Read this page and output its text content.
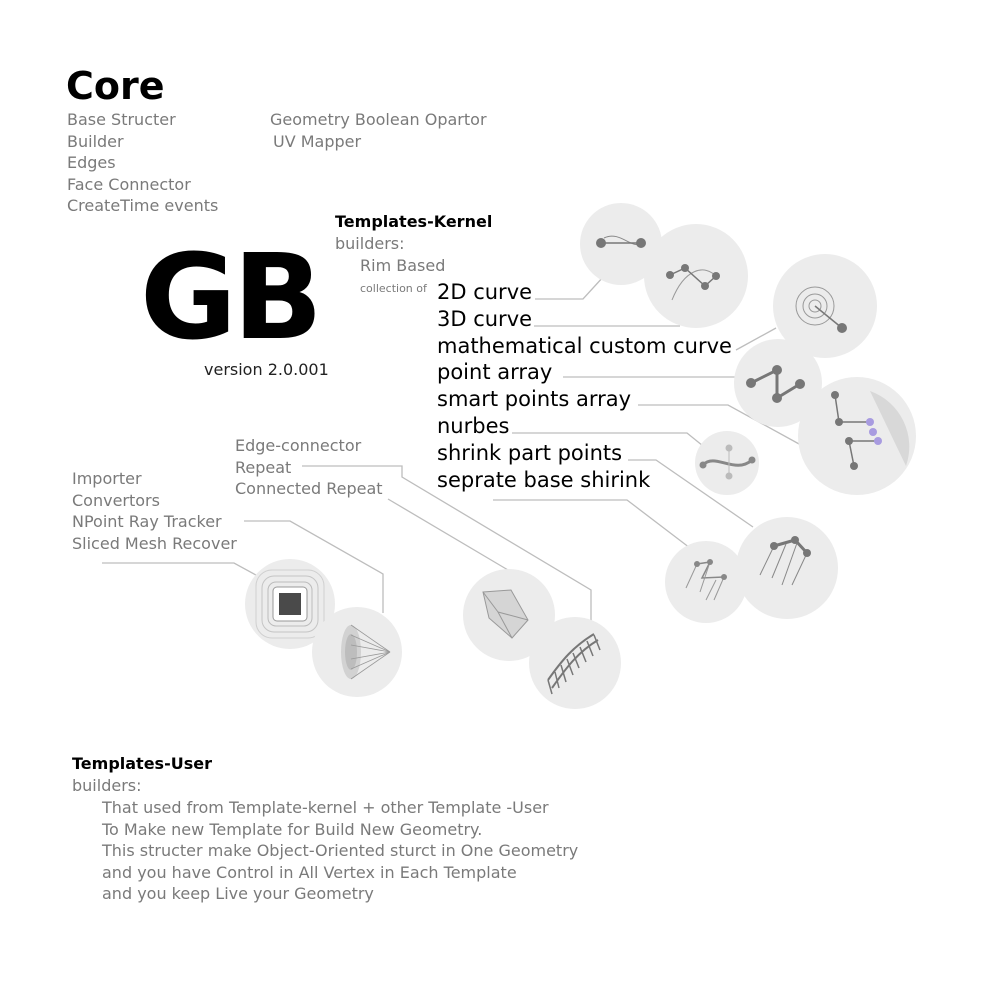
Core
Base Structer
Builder
Edges
Face Connector
CreateTime events
Geometry Boolean Opartor
UV Mapper
GB
version 2.0.001
Templates-Kernel
builders:
Rim Based
collection of 2D curve
3D curve
mathematical custom curve
point array
smart points array
nurbes
shrink part points
seprate base shirink
Edge-connector
Repeat
Connected Repeat
Importer
Convertors
NPoint Ray Tracker
Sliced Mesh Recover
Templates-User
builders:
That used from Template-kernel + other Template -User
To Make new Template for Build New Geometry.
This structer make Object-Oriented sturct in One Geometry
and you have Control in All Vertex in Each Template
and you keep Live your Geometry
